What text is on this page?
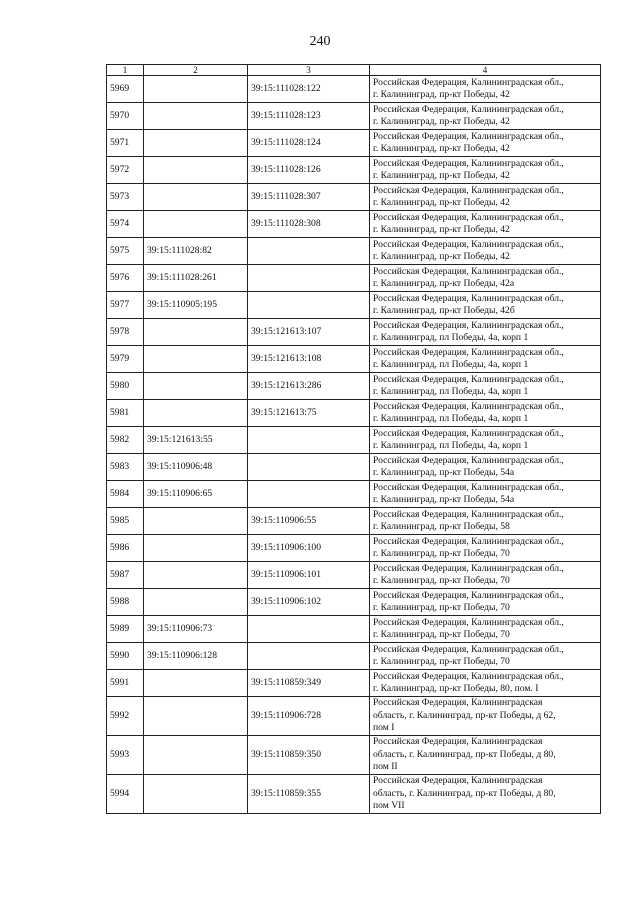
240
1	2	3	4
5969		39:15:111028:122	Российская Федерация, Калининградская обл.,
г. Калининград, пр-кт Победы, 42

5970		39:15:111028:123	Российская Федерация, Калининградская обл.,
г. Калининград, пр-кт Победы, 42

5971		39:15:111028:124	Российская Федерация, Калининградская обл.,
г. Калининград, пр-кт Победы, 42

5972		39:15:111028:126	Российская Федерация, Калининградская обл.,
г. Калининград, пр-кт Победы, 42

5973		39:15:111028:307	Российская Федерация, Калининградская обл.,
г. Калининград, пр-кт Победы, 42

5974		39:15:111028:308	Российская Федерация, Калининградская обл.,
г. Калининград, пр-кт Победы, 42

5975	39:15:111028:82		Российская Федерация, Калининградская обл.,
г. Калининград, пр-кт Победы, 42

5976	39:15:111028:261		Российская Федерация, Калининградская обл.,
г. Калининград, пр-кт Победы, 42а

5977	39:15:110905:195		Российская Федерация, Калининградская обл.,
г. Калининград, пр-кт Победы, 42б

5978		39:15:121613:107	Российская Федерация, Калининградская обл.,
г. Калининград, пл Победы, 4а, корп 1

5979		39:15:121613:108	Российская Федерация, Калининградская обл.,
г. Калининград, пл Победы, 4а, корп 1

5980		39:15:121613:286	Российская Федерация, Калининградская обл.,
г. Калининград, пл Победы, 4а, корп 1

5981		39:15:121613:75	Российская Федерация, Калининградская обл.,
г. Калининград, пл Победы, 4а, корп 1

5982	39:15:121613:55		Российская Федерация, Калининградская обл.,
г. Калининград, пл Победы, 4а, корп 1

5983	39:15:110906:48		Российская Федерация, Калининградская обл.,
г. Калининград, пр-кт Победы, 54а

5984	39:15:110906:65		Российская Федерация, Калининградская обл.,
г. Калининград, пр-кт Победы, 54а

5985		39:15:110906:55	Российская Федерация, Калининградская обл.,
г. Калининград, пр-кт Победы, 58

5986		39:15:110906:100	Российская Федерация, Калининградская обл.,
г. Калининград, пр-кт Победы, 70

5987		39:15:110906:101	Российская Федерация, Калининградская обл.,
г. Калининград, пр-кт Победы, 70

5988		39:15:110906:102	Российская Федерация, Калининградская обл.,
г. Калининград, пр-кт Победы, 70

5989	39:15:110906:73		Российская Федерация, Калининградская обл.,
г. Калининград, пр-кт Победы, 70

5990	39:15:110906:128		Российская Федерация, Калининградская обл.,
г. Калининград, пр-кт Победы, 70

5991		39:15:110859:349	Российская Федерация, Калининградская обл.,
г. Калининград, пр-кт Победы, 80, пом. I

5992		39:15:110906:728	Российская Федерация, Калининградская
область, г. Калининград, пр-кт Победы, д 62,
пом I

5993		39:15:110859:350	Российская Федерация, Калининградская
область, г. Калининград, пр-кт Победы, д 80,
пом II

5994		39:15:110859:355	Российская Федерация, Калининградская
область, г. Калининград, пр-кт Победы, д 80,
пом VII
